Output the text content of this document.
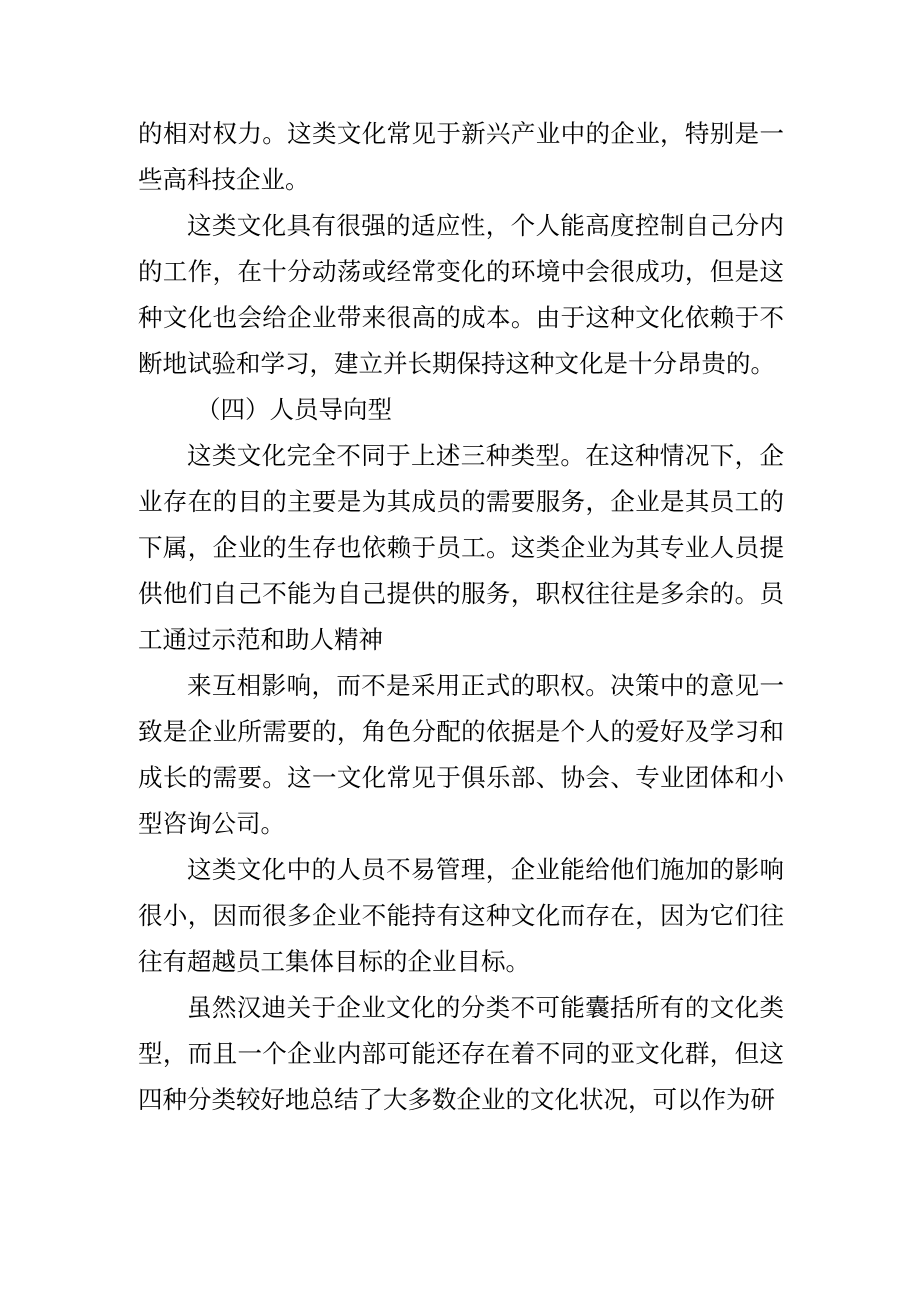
的相对权力。这类文化常见于新兴产业中的企业，特别是一些高科技企业。

这类文化具有很强的适应性，个人能高度控制自己分内的工作，在十分动荡或经常变化的环境中会很成功，但是这种文化也会给企业带来很高的成本。由于这种文化依赖于不断地试验和学习，建立并长期保持这种文化是十分昂贵的。

（四）人员导向型

这类文化完全不同于上述三种类型。在这种情况下，企业存在的目的主要是为其成员的需要服务，企业是其员工的下属，企业的生存也依赖于员工。这类企业为其专业人员提供他们自己不能为自己提供的服务，职权往往是多余的。员工通过示范和助人精神

来互相影响，而不是采用正式的职权。决策中的意见一致是企业所需要的，角色分配的依据是个人的爱好及学习和成长的需要。这一文化常见于俱乐部、协会、专业团体和小型咨询公司。

这类文化中的人员不易管理，企业能给他们施加的影响很小，因而很多企业不能持有这种文化而存在，因为它们往往有超越员工集体目标的企业目标。

虽然汉迪关于企业文化的分类不可能囊括所有的文化类型，而且一个企业内部可能还存在着不同的亚文化群，但这四种分类较好地总结了大多数企业的文化状况，可以作为研
